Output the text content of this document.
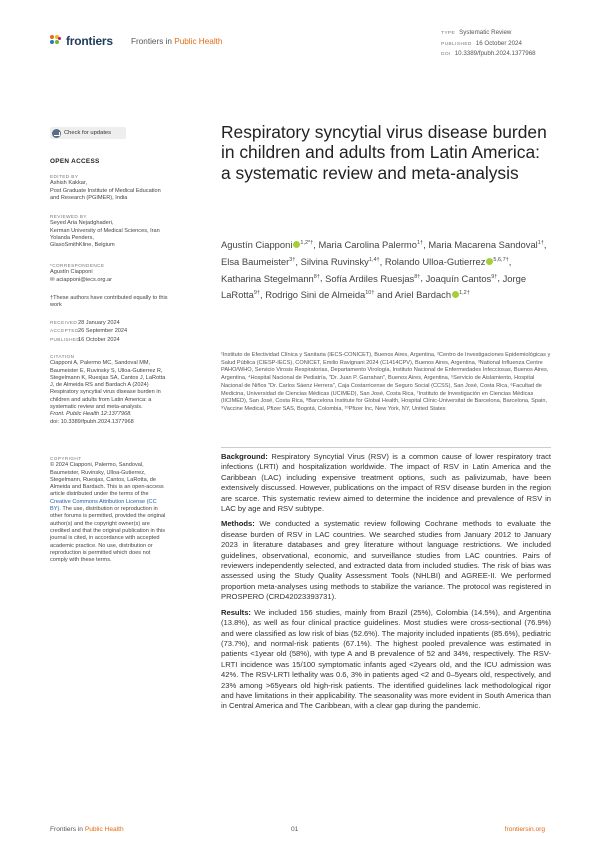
frontiers Frontiers in Public Health
TYPE Systematic Review
PUBLISHED 16 October 2024
DOI 10.3389/fpubh.2024.1377968
Check for updates
OPEN ACCESS
EDITED BY
Ashish Kakkar,
Post Graduate Institute of Medical Education and Research (PGIMER), India
REVIEWED BY
Seyed Aria Nejadghaderi,
Kerman University of Medical Sciences, Iran
Yolanda Penders,
GlaxoSmithKline, Belgium
*CORRESPONDENCE
Agustín Ciapponi
✉ aciapponi@iecs.org.ar
†These authors have contributed equally to this work
RECEIVED28 January 2024
ACCEPTED26 September 2024
PUBLISHED16 October 2024
CITATION
Ciapponi A, Palermo MC, Sandoval MM, Baumeister E, Ruvinsky S, Ulloa-Gutierrez R, Stegelmann K, Ruesjas SA, Cantos J, LaRotta J, de Almeida RS and Bardach A (2024) Respiratory syncytial virus disease burden in children and adults from Latin America: a systematic review and meta-analysis.
Front. Public Health 12:1377968.
doi: 10.3389/fpubh.2024.1377968
COPYRIGHT
© 2024 Ciapponi, Palermo, Sandoval, Baumeister, Ruvinsky, Ulloa-Gutierrez, Stegelmann, Ruesjas, Cantos, LaRotta, de Almeida and Bardach. This is an open-access article distributed under the terms of the Creative Commons Attribution License (CC BY). The use, distribution or reproduction in other forums is permitted, provided the original author(s) and the copyright owner(s) are credited and that the original publication in this journal is cited, in accordance with accepted academic practice. No use, distribution or reproduction is permitted which does not comply with these terms.
Respiratory syncytial virus disease burden in children and adults from Latin America: a systematic review and meta-analysis
Agustín Ciapponi $^{1,2*\dagger}$, Maria Carolina Palermo$^{1\dagger}$, Maria Macarena Sandoval$^{1\dagger}$, Elsa Baumeister$^{3\dagger}$, Silvina Ruvinsky$^{1,4\dagger}$, Rolando Ulloa-Gutierrez $^{5,6,7\dagger}$, Katharina Stegelmann$^{8\dagger}$, Sofía Ardiles Ruesjas$^{8\dagger}$, Joaquín Cantos$^{9\dagger}$, Jorge LaRotta$^{9\dagger}$, Rodrigo Sini de Almeida$^{10\dagger}$ and Ariel Bardach $^{1,2\dagger}$
¹Instituto de Efectividad Clínica y Sanitaria (IECS-CONICET), Buenos Aires, Argentina, ²Centro de Investigaciones Epidemiológicas y Salud Pública (CIESP-IECS), CONICET, Emilio Ravignani 2024 (C1414CPV), Buenos Aires, Argentina, ³National Influenza Centre PAHO/WHO, Servicio Virosis Respiratorias, Departamento Virología, Instituto Nacional de Enfermedades Infecciosas, Buenos Aires, Argentina, ⁴Hospital Nacional de Pediatría, "Dr. Juan P. Garrahan", Buenos Aires, Argentina, ⁵Servicio de Aislamiento, Hospital Nacional de Niños "Dr. Carlos Sáenz Herrera", Caja Costarricense de Seguro Social (CCSS), San José, Costa Rica, ⁶Facultad de Medicina, Universidad de Ciencias Médicas (UCIMED), San José, Costa Rica, ⁷Instituto de Investigación en Ciencias Médicas (IICIMED), San José, Costa Rica, ⁸Barcelona Institute for Global Health, Hospital Clínic-Universitat de Barcelona, Barcelona, Spain, ⁹Vaccine Medical, Pfizer SAS, Bogotá, Colombia, ¹⁰Pfizer Inc, New York, NY, United States

Background: Respiratory Syncytial Virus (RSV) is a common cause of lower respiratory tract infections (LRTI) and hospitalization worldwide. The impact of RSV in Latin America and the Caribbean (LAC) including expensive treatment options, such as palivizumab, have been extensively discussed. However, publications on the impact of RSV disease burden in the region are scarce. This systematic review aimed to determine the incidence and prevalence of RSV in LAC by age and RSV subtype.

Methods: We conducted a systematic review following Cochrane methods to evaluate the disease burden of RSV in LAC countries. We searched studies from January 2012 to January 2023 in literature databases and grey literature without language restrictions. We included guidelines, observational, economic, and surveillance studies from LAC countries. Pairs of reviewers independently selected, and extracted data from included studies. The risk of bias was assessed using the Study Quality Assessment Tools (NHLBI) and AGREE-II. We performed proportion meta-analyses using methods to stabilize the variance. The protocol was registered in PROSPERO (CRD42023393731).

Results: We included 156 studies, mainly from Brazil (25%), Colombia (14.5%), and Argentina (13.8%), as well as four clinical practice guidelines. Most studies were cross-sectional (76.9%) and were classified as low risk of bias (52.6%). The majority included inpatients (85.6%), pediatric (73.7%), and normal-risk patients (67.1%). The highest pooled prevalence was estimated in patients <1year old (58%), with type A and B prevalence of 52 and 34%, respectively. The RSV-LRTI incidence was 15/100 symptomatic infants aged <2years old, and the ICU admission was 42%. The RSV-LRTI lethality was 0.6, 3% in patients aged <2 and 0–5years old, respectively, and 23% among >65years old high-risk patients. The identified guidelines lack methodological rigor and have limitations in their applicability. The seasonality was more evident in South America than in Central America and The Caribbean, with a clear gap during the pandemic.

Frontiers in Public Health	01	frontiersin.org
